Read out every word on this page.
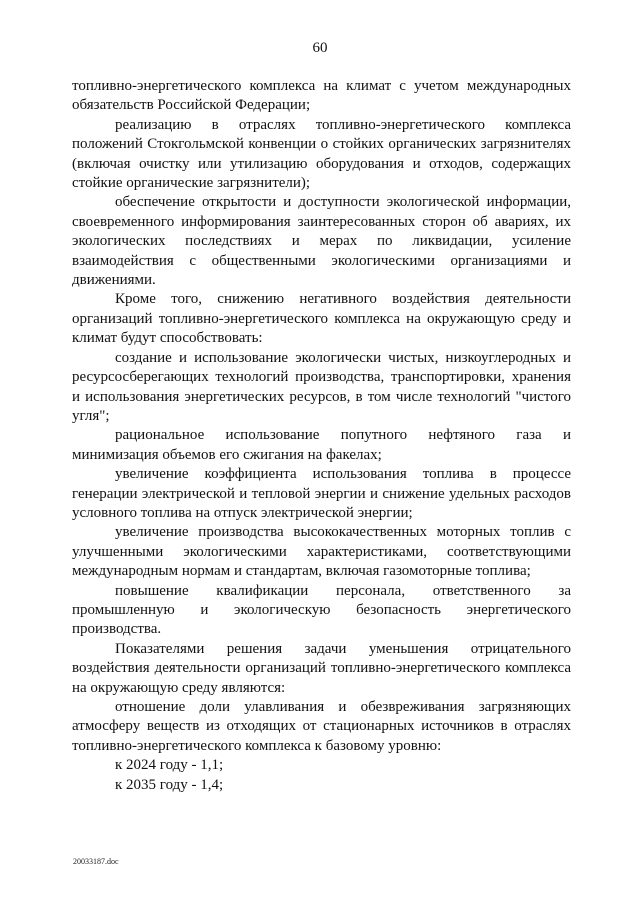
60

топливно-энергетического комплекса на климат с учетом международных обязательств Российской Федерации;

реализацию в отраслях топливно-энергетического комплекса положений Стокгольмской конвенции о стойких органических загрязнителях (включая очистку или утилизацию оборудования и отходов, содержащих стойкие органические загрязнители);

обеспечение открытости и доступности экологической информации, своевременного информирования заинтересованных сторон об авариях, их экологических последствиях и мерах по ликвидации, усиление взаимодействия с общественными экологическими организациями и движениями.

Кроме того, снижению негативного воздействия деятельности организаций топливно-энергетического комплекса на окружающую среду и климат будут способствовать:

создание и использование экологически чистых, низкоуглеродных и ресурсосберегающих технологий производства, транспортировки, хранения и использования энергетических ресурсов, в том числе технологий "чистого угля";

рациональное использование попутного нефтяного газа и минимизация объемов его сжигания на факелах;

увеличение коэффициента использования топлива в процессе генерации электрической и тепловой энергии и снижение удельных расходов условного топлива на отпуск электрической энергии;

увеличение производства высококачественных моторных топлив с улучшенными экологическими характеристиками, соответствующими международным нормам и стандартам, включая газомоторные топлива;

повышение квалификации персонала, ответственного за промышленную и экологическую безопасность энергетического производства.

Показателями решения задачи уменьшения отрицательного воздействия деятельности организаций топливно-энергетического комплекса на окружающую среду являются:

отношение доли улавливания и обезвреживания загрязняющих атмосферу веществ из отходящих от стационарных источников в отраслях топливно-энергетического комплекса к базовому уровню:

к 2024 году - 1,1;

к 2035 году - 1,4;

20033187.doc
